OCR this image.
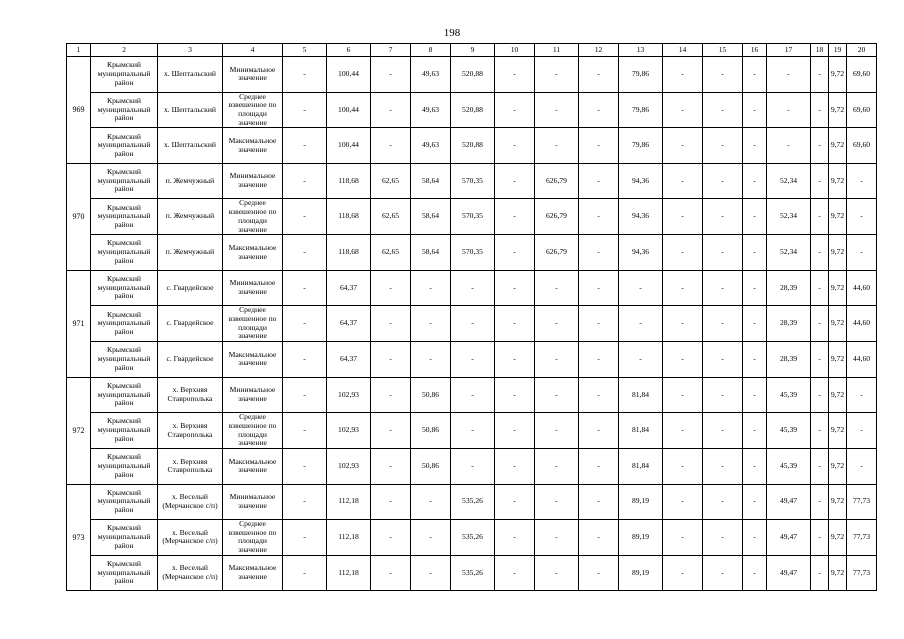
198
1	2	3	4	5	6	7	8	9	10	11	12	13	14	15	16	17	18	19	20
969	Крымский муниципальный район	х. Шептальский	Минимальное значение	-	100,44	-	49,63	520,88	-	-	-	79,86	-	-	-	-	-	9,72	69,60
	Крымский муниципальный район	х. Шептальский	Среднее взвешенное по площади значение	-	100,44	-	49,63	520,88	-	-	-	79,86	-	-	-	-	-	9,72	69,60
	Крымский муниципальный район	х. Шептальский	Максимальное значение	-	100,44	-	49,63	520,88	-	-	-	79,86	-	-	-	-	-	9,72	69,60
970	Крымский муниципальный район	п. Жемчужный	Минимальное значение	-	118,68	62,65	58,64	570,35	-	626,79	-	94,36	-	-	-	52,34	-	9,72	-
	Крымский муниципальный район	п. Жемчужный	Среднее взвешенное по площади значение	-	118,68	62,65	58,64	570,35	-	626,79	-	94,36	-	-	-	52,34	-	9,72	-
	Крымский муниципальный район	п. Жемчужный	Максимальное значение	-	118,68	62,65	58,64	570,35	-	626,79	-	94,36	-	-	-	52,34	-	9,72	-
971	Крымский муниципальный район	с. Гвардейское	Минимальное значение	-	64,37	-	-	-	-	-	-	-	-	-	-	28,39	-	9,72	44,60
	Крымский муниципальный район	с. Гвардейское	Среднее взвешенное по площади значение	-	64,37	-	-	-	-	-	-	-	-	-	-	28,39	-	9,72	44,60
	Крымский муниципальный район	с. Гвардейское	Максимальное значение	-	64,37	-	-	-	-	-	-	-	-	-	-	28,39	-	9,72	44,60
972	Крымский муниципальный район	х. Верхняя Ставрополька	Минимальное значение	-	102,93	-	50,86	-	-	-	-	81,84	-	-	-	45,39	-	9,72	-
	Крымский муниципальный район	х. Верхняя Ставрополька	Среднее взвешенное по площади значение	-	102,93	-	50,86	-	-	-	-	81,84	-	-	-	45,39	-	9,72	-
	Крымский муниципальный район	х. Верхняя Ставрополька	Максимальное значение	-	102,93	-	50,86	-	-	-	-	81,84	-	-	-	45,39	-	9,72	-
973	Крымский муниципальный район	х. Веселый (Мерчанское с/п)	Минимальное значение	-	112,18	-	-	535,26	-	-	-	89,19	-	-	-	49,47	-	9,72	77,73
	Крымский муниципальный район	х. Веселый (Мерчанское с/п)	Среднее взвешенное по площади значение	-	112,18	-	-	535,26	-	-	-	89,19	-	-	-	49,47	-	9,72	77,73
	Крымский муниципальный район	х. Веселый (Мерчанское с/п)	Максимальное значение	-	112,18	-	-	535,26	-	-	-	89,19	-	-	-	49,47	-	9,72	77,73
